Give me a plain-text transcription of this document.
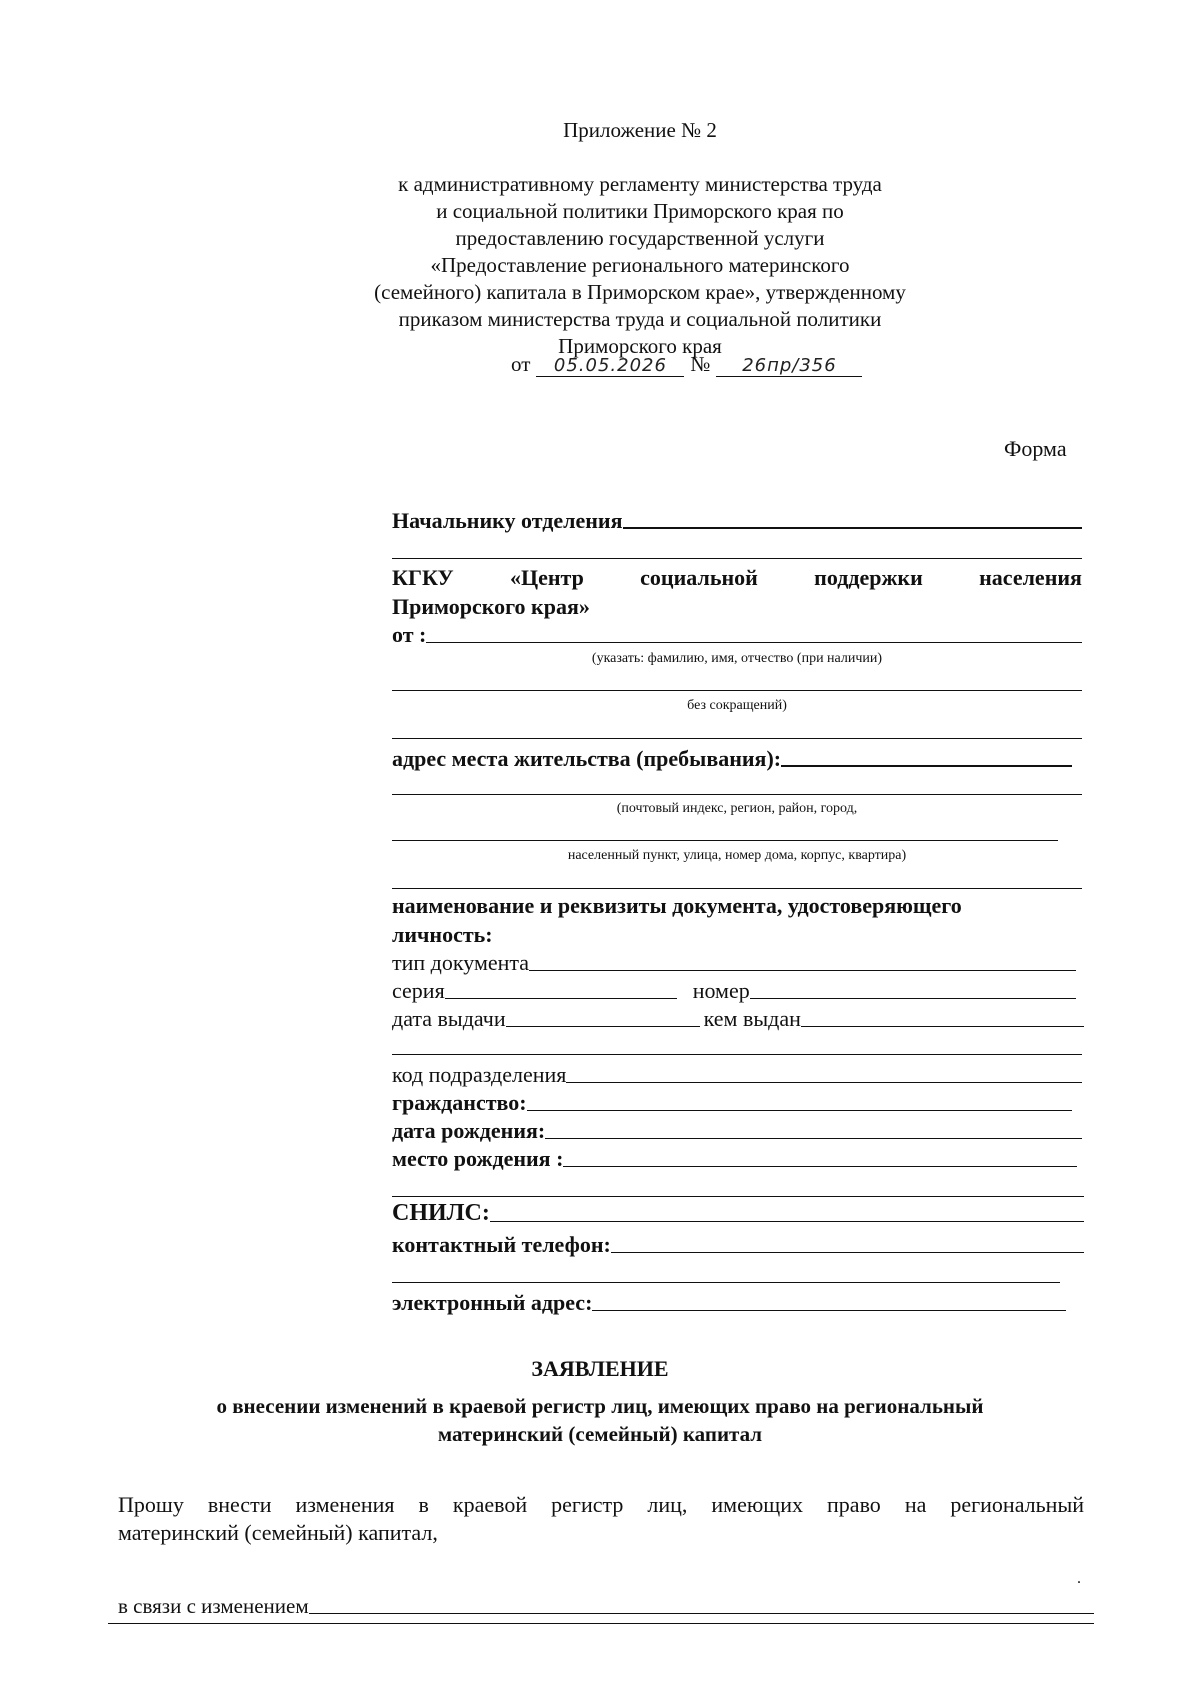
Приложение № 2
к административному регламенту министерства труда
и социальной политики Приморского края по
предоставлению государственной услуги
«Предоставление регионального материнского
(семейного) капитала в Приморском крае», утвержденному
приказом министерства труда и социальной политики
Приморского края
от	05.05.2026	№	26пр/356
Форма
Начальнику отделения
КГКУ	«Центр	социальной	поддержки	населения
Приморского края»
от :
(указать: фамилию, имя, отчество (при наличии)
без сокращений)
адрес места жительства (пребывания):
(почтовый индекс, регион, район, город,
населенный пункт, улица, номер дома, корпус, квартира)
наименование и реквизиты документа, удостоверяющего
личность:
тип документа
серия	номер
дата выдачи	кем выдан
код подразделения
гражданство:
дата рождения:
место рождения :
СНИЛС:
контактный телефон:
электронный адрес:
ЗАЯВЛЕНИЕ
о внесении изменений в краевой регистр лиц, имеющих право на региональный
материнский (семейный) капитал
Прошу внести изменения в краевой регистр лиц, имеющих право на региональный
материнский (семейный) капитал,
.
в связи с изменением
